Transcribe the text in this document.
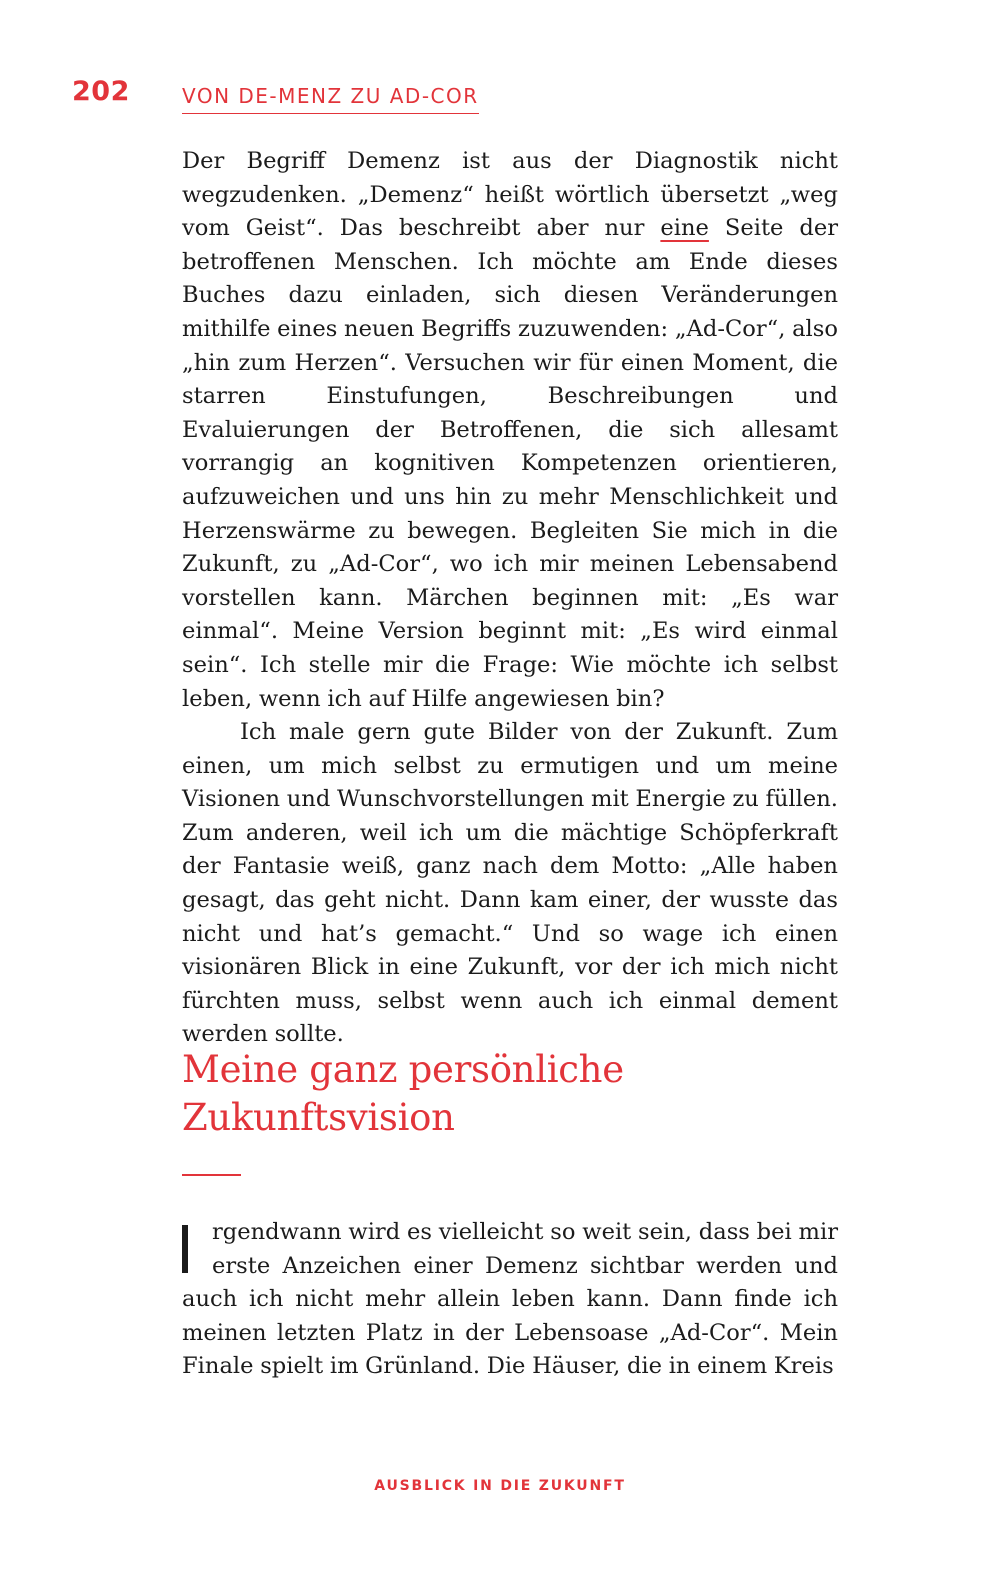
202	VON DE-MENZ ZU AD-COR

Der Begriff Demenz ist aus der Diagnostik nicht wegzudenken. „Demenz“ heißt wörtlich übersetzt „weg vom Geist“. Das beschreibt aber nur eine Seite der betroffenen Menschen. Ich möchte am Ende dieses Buches dazu einladen, sich diesen Veränderungen mithilfe eines neuen Begriffs zuzuwenden: „Ad-Cor“, also „hin zum Herzen“. Versuchen wir für einen Moment, die starren Einstufungen, Beschreibungen und Evaluierungen der Betroffenen, die sich allesamt vorrangig an kognitiven Kompetenzen orientieren, aufzuweichen und uns hin zu mehr Menschlichkeit und Herzenswärme zu bewegen. Begleiten Sie mich in die Zukunft, zu „Ad-Cor“, wo ich mir meinen Lebensabend vorstellen kann. Märchen beginnen mit: „Es war einmal“. Meine Version beginnt mit: „Es wird einmal sein“. Ich stelle mir die Frage: Wie möchte ich selbst leben, wenn ich auf Hilfe angewiesen bin?

Ich male gern gute Bilder von der Zukunft. Zum einen, um mich selbst zu ermutigen und um meine Visionen und Wunschvorstellungen mit Energie zu füllen. Zum anderen, weil ich um die mächtige Schöpferkraft der Fantasie weiß, ganz nach dem Motto: „Alle haben gesagt, das geht nicht. Dann kam einer, der wusste das nicht und hat’s gemacht.“ Und so wage ich einen visionären Blick in eine Zukunft, vor der ich mich nicht fürchten muss, selbst wenn auch ich einmal dement werden sollte.

Meine ganz persönliche
Zukunftsvision

rgendwann wird es vielleicht so weit sein, dass bei mir
erste Anzeichen einer Demenz sichtbar werden und
auch ich nicht mehr allein leben kann. Dann finde ich meinen letzten Platz in der Lebensoase „Ad-Cor“. Mein Finale spielt im Grünland. Die Häuser, die in einem Kreis

AUSBLICK IN DIE ZUKUNFT
